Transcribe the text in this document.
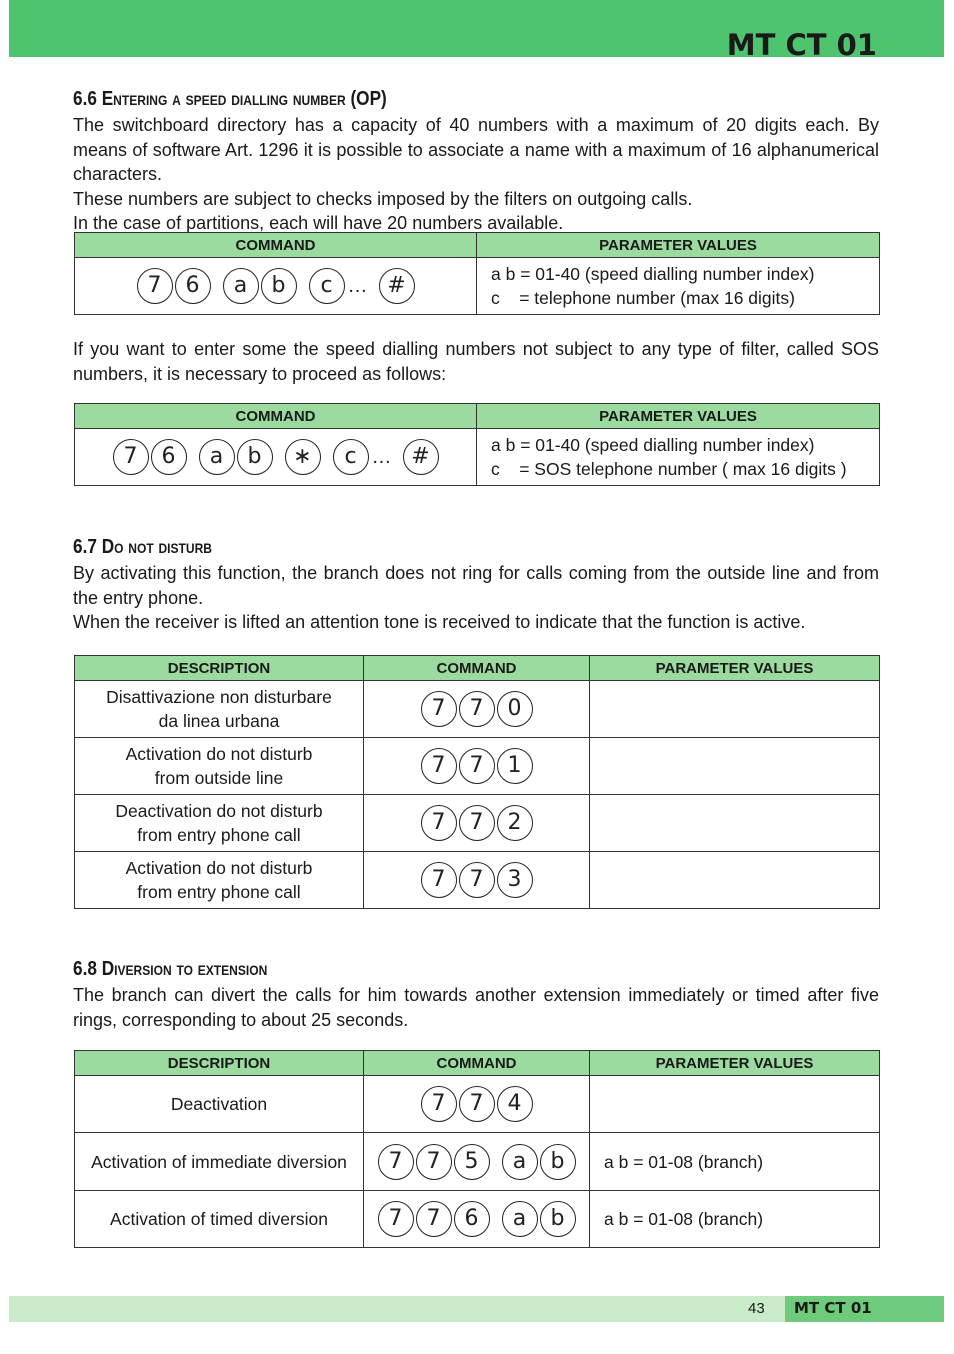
MT CT 01
6.6 Entering a speed dialling number (OP)

The switchboard directory has a capacity of 40 numbers with a maximum of 20 digits each. By means of software Art. 1296 it is possible to associate a name with a maximum of 16 alphanumerical characters.

These numbers are subject to checks imposed by the filters on outgoing calls.

In the case of partitions, each will have 20 numbers available.

COMMAND	PARAMETER VALUES
7 6 a b c … #	a b = 01-40 (speed dialling number index)
c    = telephone number (max 16 digits)

If you want to enter some the speed dialling numbers not subject to any type of filter, called SOS numbers, it is necessary to proceed as follows:

COMMAND	PARAMETER VALUES
7 6 a b ∗ c … #	a b = 01-40 (speed dialling number index)
c    = SOS telephone number ( max 16 digits )
6.7 Do not disturb

By activating this function, the branch does not ring for calls coming from the outside line and from the entry phone.

When the receiver is lifted an attention tone is received to indicate that the function is active.

DESCRIPTION	COMMAND	PARAMETER VALUES

Disattivazione non disturbare
da linea urbana	7 7 0	

Activation do not disturb
from outside line	7 7 1	

Deactivation do not disturb
from entry phone call	7 7 2	

Activation do not disturb
from entry phone call	7 7 3	
6.8 Diversion to extension

The branch can divert the calls for him towards another extension immediately or timed after five rings, corresponding to about 25 seconds.

DESCRIPTION	COMMAND	PARAMETER VALUES
Deactivation	7 7 4	
Activation of immediate diversion	7 7 5 a b	a b = 01-08 (branch)
Activation of timed diversion	7 7 6 a b	a b = 01-08 (branch)
43 MT CT 01
